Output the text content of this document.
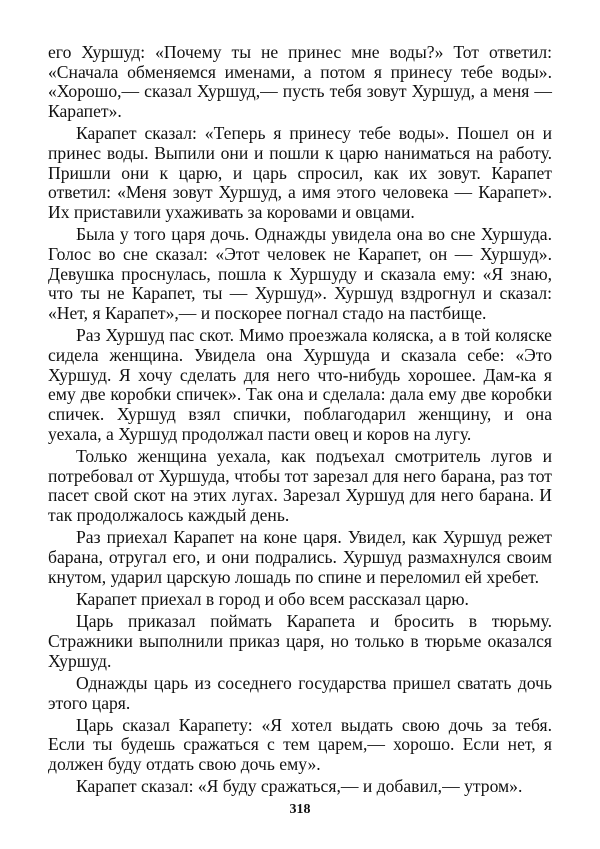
его Хуршуд: «Почему ты не принес мне воды?» Тот ответил: «Сначала обменяемся именами, а потом я принесу тебе воды». «Хорошо,— сказал Хуршуд,— пусть тебя зовут Хуршуд, а меня — Карапет».

Карапет сказал: «Теперь я принесу тебе воды». Пошел он и принес воды. Выпили они и пошли к царю наниматься на работу. Пришли они к царю, и царь спросил, как их зовут. Карапет ответил: «Меня зовут Хуршуд, а имя этого человека — Карапет». Их приставили ухаживать за коровами и овцами.

Была у того царя дочь. Однажды увидела она во сне Хуршуда. Голос во сне сказал: «Этот человек не Карапет, он — Хуршуд». Девушка проснулась, пошла к Хуршуду и сказала ему: «Я знаю, что ты не Карапет, ты — Хуршуд». Хуршуд вздрогнул и сказал: «Нет, я Карапет»,— и поскорее погнал стадо на пастбище.

Раз Хуршуд пас скот. Мимо проезжала коляска, а в той коляске сидела женщина. Увидела она Хуршуда и сказала себе: «Это Хуршуд. Я хочу сделать для него что-нибудь хорошее. Дам-ка я ему две коробки спичек». Так она и сделала: дала ему две коробки спичек. Хуршуд взял спички, поблагодарил женщину, и она уехала, а Хуршуд продолжал пасти овец и коров на лугу.

Только женщина уехала, как подъехал смотритель лугов и потребовал от Хуршуда, чтобы тот зарезал для него барана, раз тот пасет свой скот на этих лугах. Зарезал Хуршуд для него барана. И так продолжалось каждый день.

Раз приехал Карапет на коне царя. Увидел, как Хуршуд режет барана, отругал его, и они подрались. Хуршуд размахнулся своим кнутом, ударил царскую лошадь по спине и переломил ей хребет.

Карапет приехал в город и обо всем рассказал царю.

Царь приказал поймать Карапета и бросить в тюрьму. Стражники выполнили приказ царя, но только в тюрьме оказался Хуршуд.

Однажды царь из соседнего государства пришел сватать дочь этого царя.

Царь сказал Карапету: «Я хотел выдать свою дочь за тебя. Если ты будешь сражаться с тем царем,— хорошо. Если нет, я должен буду отдать свою дочь ему».

Карапет сказал: «Я буду сражаться,— и добавил,— утром».

318
